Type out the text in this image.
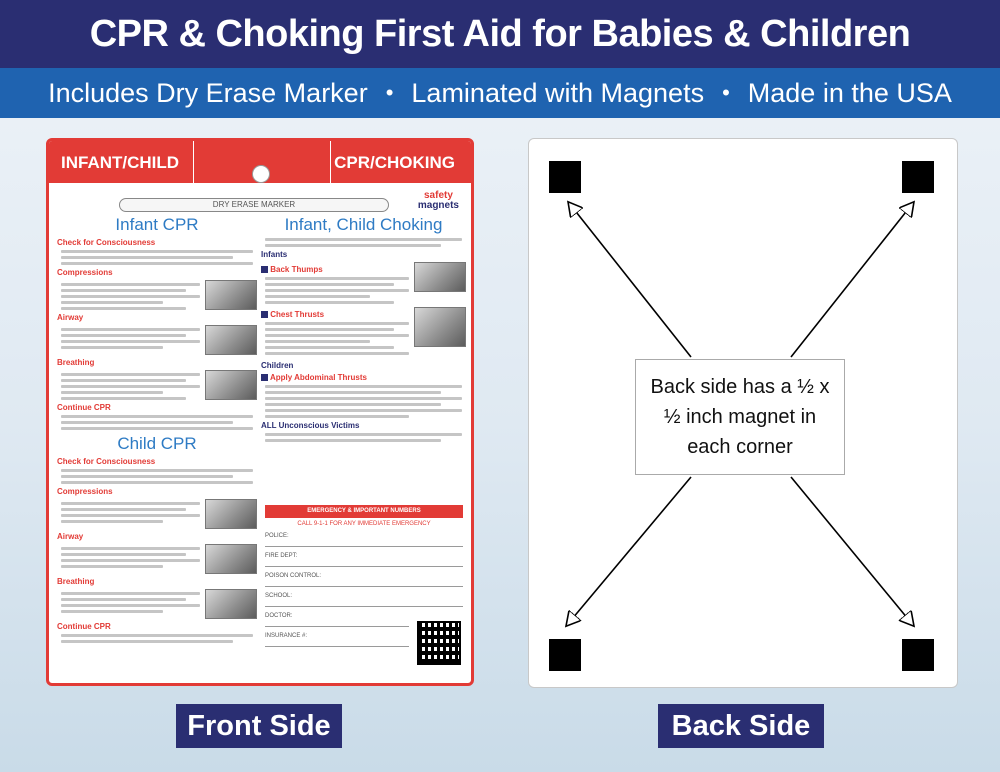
CPR & Choking First Aid for Babies & Children
Includes Dry Erase Marker • Laminated with Magnets • Made in the USA
INFANT/CHILD	CPR/CHOKING
DRY ERASE MARKER
safety
magnets
Infant CPR
Check for Consciousness
Compressions
Airway
Breathing
Continue CPR
Child CPR
Check for Consciousness
Compressions
Airway
Breathing
Continue CPR
Infant, Child Choking
Infants
Back Thumps
Chest Thrusts
Children
Apply Abdominal Thrusts
ALL Unconscious Victims
EMERGENCY & IMPORTANT NUMBERS
CALL 9-1-1 FOR ANY IMMEDIATE EMERGENCY
POLICE:
FIRE DEPT:
POISON CONTROL:
SCHOOL:
DOCTOR:
INSURANCE #:
Back side has a ½ x ½ inch magnet in each corner
Front Side	Back Side
